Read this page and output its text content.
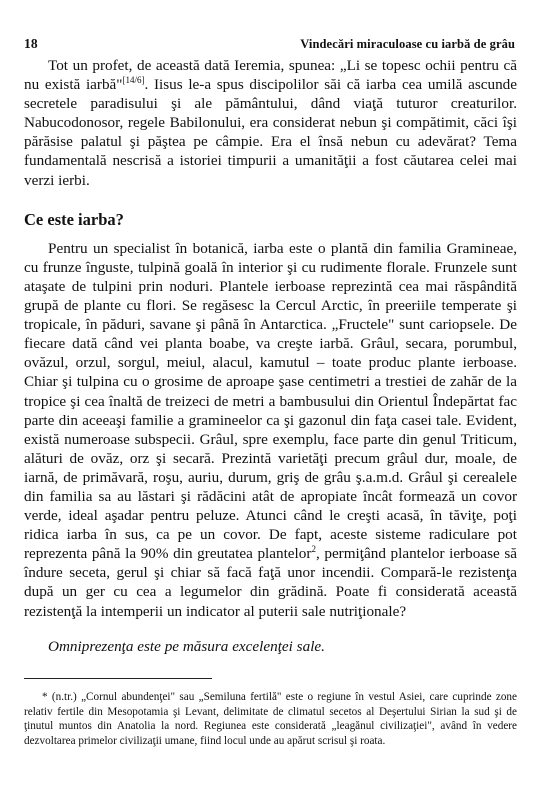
18	Vindecări miraculoase cu iarbă de grâu

Tot un profet, de această dată Ieremia, spunea: „Li se topesc ochii pentru că nu există iarbă"[14/6]. Iisus le-a spus discipolilor săi că iarba cea umilă ascunde secretele paradisului şi ale pământului, dând viaţă tuturor creaturilor. Nabucodonosor, regele Babilonului, era considerat nebun şi compătimit, căci îşi părăsise palatul şi păştea pe câmpie. Era el însă nebun cu adevărat? Tema fundamentală nescrisă a istoriei timpurii a umanităţii a fost căutarea celei mai verzi ierbi.

Ce este iarba?

Pentru un specialist în botanică, iarba este o plantă din familia Gramineae, cu frunze înguste, tulpină goală în interior şi cu rudimente florale. Frunzele sunt ataşate de tulpini prin noduri. Plantele ierboase reprezintă cea mai răspândită grupă de plante cu flori. Se regăsesc la Cercul Arctic, în preeriile temperate şi tropicale, în păduri, savane şi până în Antarctica. „Fructele" sunt cariopsele. De fiecare dată când vei planta boabe, va creşte iarbă. Grâul, secara, porumbul, ovăzul, orzul, sorgul, meiul, alacul, kamutul – toate produc plante ierboase. Chiar şi tulpina cu o grosime de aproape şase centimetri a trestiei de zahăr de la tropice şi cea înaltă de treizeci de metri a bambusului din Orientul Îndepărtat fac parte din aceeaşi familie a gramineelor ca şi gazonul din faţa casei tale. Evident, există numeroase subspecii. Grâul, spre exemplu, face parte din genul Triticum, alături de ovăz, orz şi secară. Prezintă varietăţi precum grâul dur, moale, de iarnă, de primăvară, roşu, auriu, durum, griş de grâu ş.a.m.d. Grâul şi cerealele din familia sa au lăstari şi rădăcini atât de apropiate încât formează un covor verde, ideal aşadar pentru peluze. Atunci când le creşti acasă, în tăviţe, poţi ridica iarba în sus, ca pe un covor. De fapt, aceste sisteme radiculare pot reprezenta până la 90% din greutatea plantelor$^2$, permiţând plantelor ierboase să îndure seceta, gerul şi chiar să facă faţă unor incendii. Compară-le rezistenţa după un ger cu cea a legumelor din grădină. Poate fi considerată această rezistenţă la intemperii un indicator al puterii sale nutriţionale?

Omniprezenţa este pe măsura excelenţei sale.

* (n.tr.) „Cornul abundenţei" sau „Semiluna fertilă" este o regiune în vestul Asiei, care cuprinde zone relativ fertile din Mesopotamia şi Levant, delimitate de climatul secetos al Deşertului Sirian la sud şi de ţinutul muntos din Anatolia la nord. Regiunea este considerată „leagănul civilizaţiei", având în vedere dezvoltarea primelor civilizaţii umane, fiind locul unde au apărut scrisul şi roata.
